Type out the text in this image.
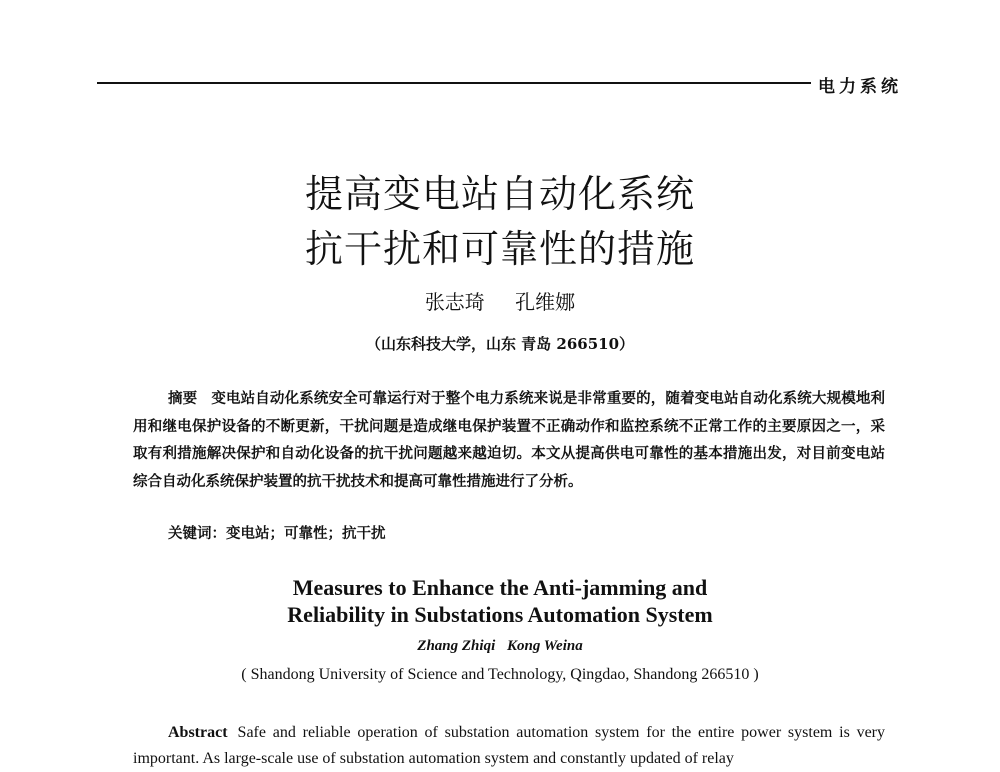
电力系统
提高变电站自动化系统
抗干扰和可靠性的措施
张志琦 孔维娜
（山东科技大学，山东 青岛 266510）

摘要 变电站自动化系统安全可靠运行对于整个电力系统来说是非常重要的，随着变电站自动化系统大规模地利用和继电保护设备的不断更新，干扰问题是造成继电保护装置不正确动作和监控系统不正常工作的主要原因之一，采取有利措施解决保护和自动化设备的抗干扰问题越来越迫切。本文从提高供电可靠性的基本措施出发，对目前变电站综合自动化系统保护装置的抗干扰技术和提高可靠性措施进行了分析。

关键词：变电站；可靠性；抗干扰
Measures to Enhance the Anti-jamming and
Reliability in Substations Automation System
Zhang Zhiqi Kong Weina
( Shandong University of Science and Technology, Qingdao, Shandong 266510 )

Abstract Safe and reliable operation of substation automation system for the entire power system is very important. As large-scale use of substation automation system and constantly updated of relay
